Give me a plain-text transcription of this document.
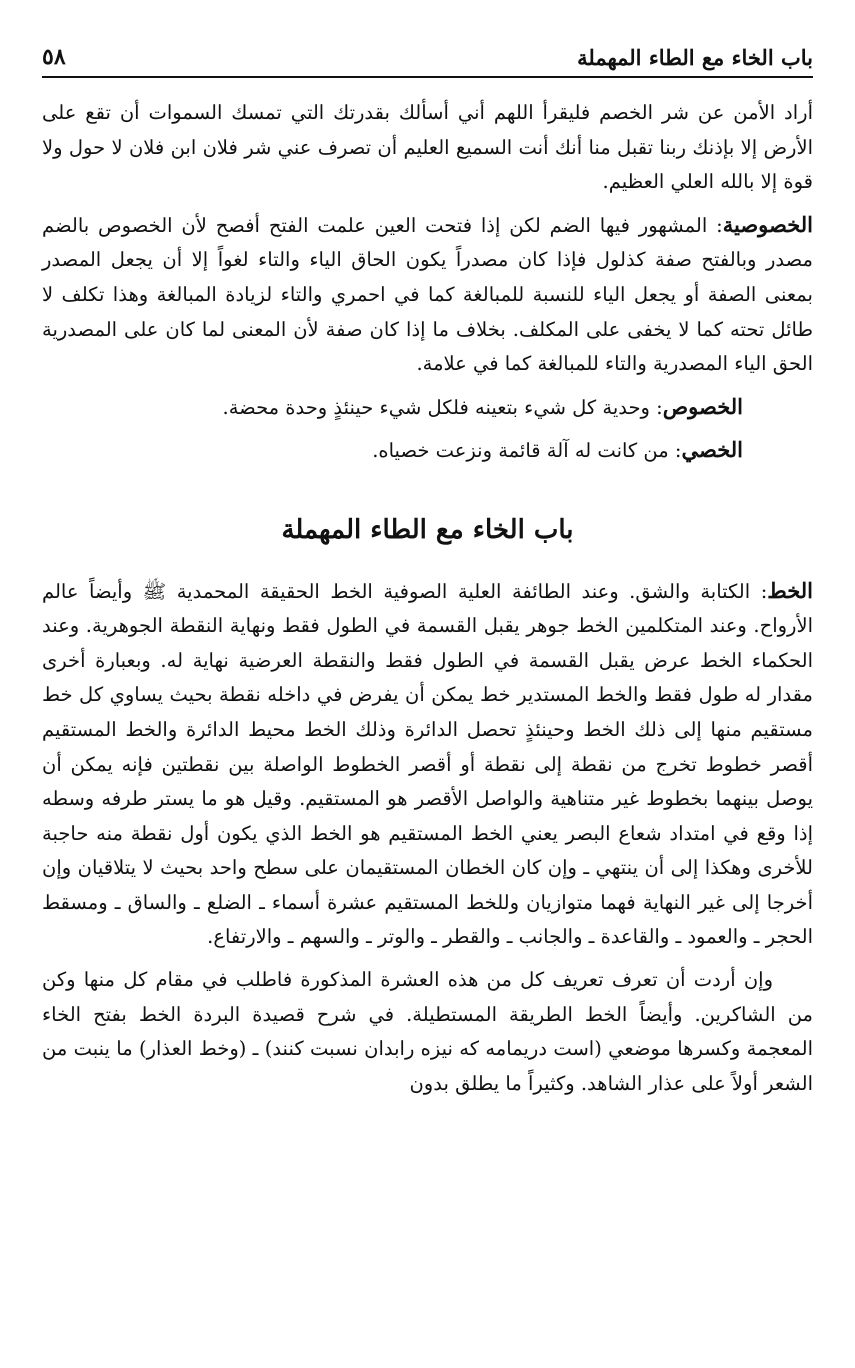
باب الخاء مع الطاء المهملة
٥٨

أراد الأمن عن شر الخصم فليقرأ اللهم أني أسألك بقدرتك التي تمسك السموات أن تقع على الأرض إلا بإذنك ربنا تقبل منا أنك أنت السميع العليم أن تصرف عني شر فلان ابن فلان لا حول ولا قوة إلا بالله العلي العظيم.

الخصوصية: المشهور فيها الضم لكن إذا فتحت العين علمت الفتح أفصح لأن الخصوص بالضم مصدر وبالفتح صفة كذلول فإذا كان مصدراً يكون الحاق الياء والتاء لغواً إلا أن يجعل المصدر بمعنى الصفة أو يجعل الياء للنسبة للمبالغة كما في احمري والتاء لزيادة المبالغة وهذا تكلف لا طائل تحته كما لا يخفى على المكلف. بخلاف ما إذا كان صفة لأن المعنى لما كان على المصدرية الحق الياء المصدرية والتاء للمبالغة كما في علامة.

الخصوص: وحدية كل شيء بتعينه فلكل شيء حينئذٍ وحدة محضة.

الخصي: من كانت له آلة قائمة ونزعت خصياه.

باب الخاء مع الطاء المهملة

الخط: الكتابة والشق. وعند الطائفة العلية الصوفية الخط الحقيقة المحمدية ﷺ وأيضاً عالم الأرواح. وعند المتكلمين الخط جوهر يقبل القسمة في الطول فقط ونهاية النقطة الجوهرية. وعند الحكماء الخط عرض يقبل القسمة في الطول فقط والنقطة العرضية نهاية له. وبعبارة أخرى مقدار له طول فقط والخط المستدير خط يمكن أن يفرض في داخله نقطة بحيث يساوي كل خط مستقيم منها إلى ذلك الخط وحينئذٍ تحصل الدائرة وذلك الخط محيط الدائرة والخط المستقيم أقصر خطوط تخرج من نقطة إلى نقطة أو أقصر الخطوط الواصلة بين نقطتين فإنه يمكن أن يوصل بينهما بخطوط غير متناهية والواصل الأقصر هو المستقيم. وقيل هو ما يستر طرفه وسطه إذا وقع في امتداد شعاع البصر يعني الخط المستقيم هو الخط الذي يكون أول نقطة منه حاجبة للأخرى وهكذا إلى أن ينتهي ـ وإن كان الخطان المستقيمان على سطح واحد بحيث لا يتلاقيان وإن أخرجا إلى غير النهاية فهما متوازيان وللخط المستقيم عشرة أسماء ـ الضلع ـ والساق ـ ومسقط الحجر ـ والعمود ـ والقاعدة ـ والجانب ـ والقطر ـ والوتر ـ والسهم ـ والارتفاع.

وإن أردت أن تعرف تعريف كل من هذه العشرة المذكورة فاطلب في مقام كل منها وكن من الشاكرين. وأيضاً الخط الطريقة المستطيلة. في شرح قصيدة البردة الخط بفتح الخاء المعجمة وكسرها موضعي (است دريمامه كه نيزه رابدان نسبت كنند) ـ (وخط العذار) ما ينبت من الشعر أولاً على عذار الشاهد. وكثيراً ما يطلق بدون
